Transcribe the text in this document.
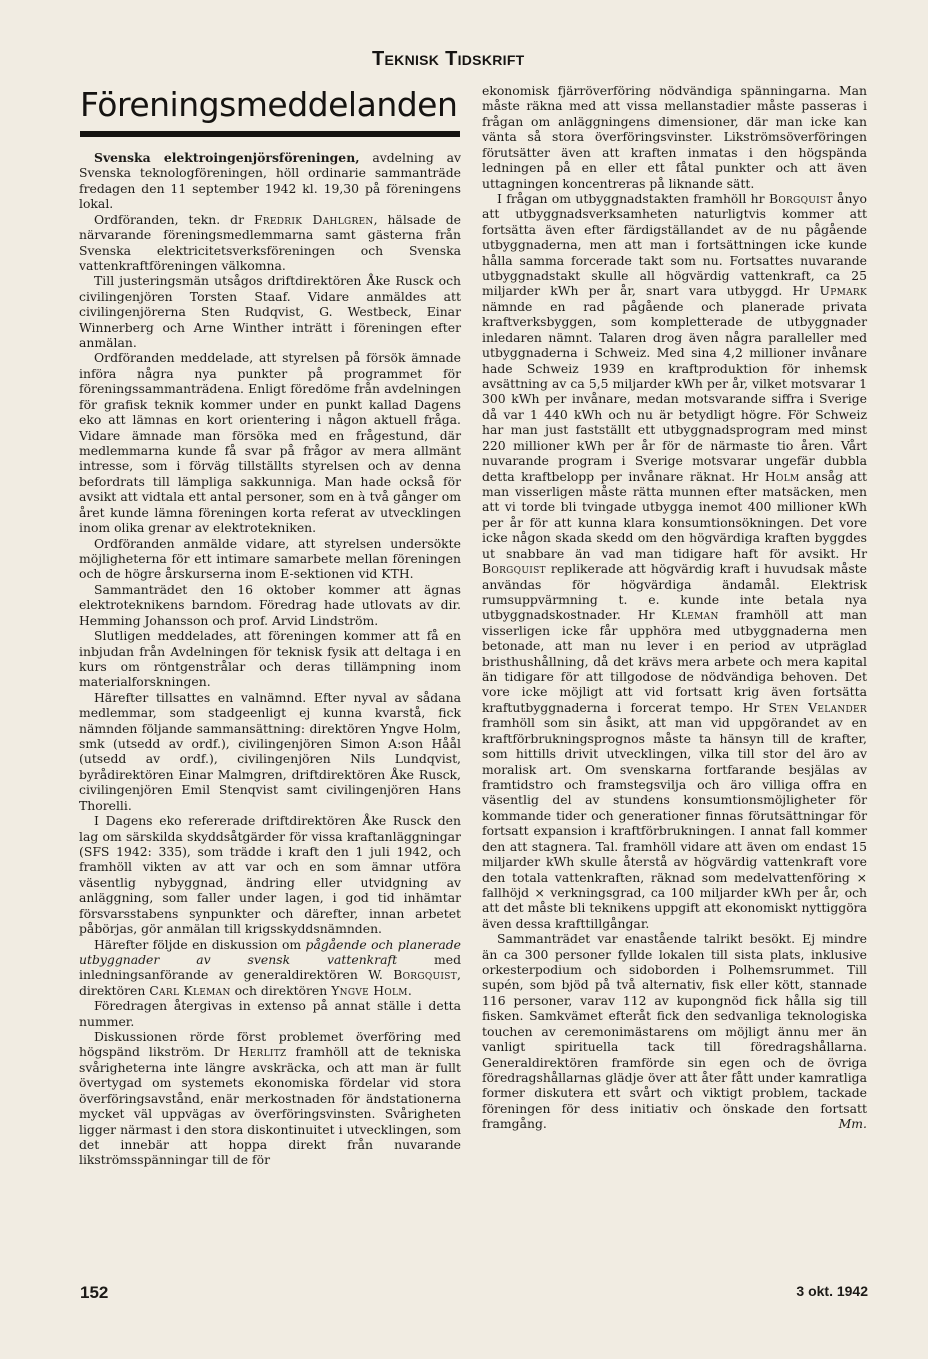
Teknisk Tidskrift
Föreningsmeddelanden

Svenska elektroingenjörsföreningen, avdelning av Svenska teknologföreningen, höll ordinarie sammanträde fredagen den 11 september 1942 kl. 19,30 på föreningens lokal.

Ordföranden, tekn. dr Fredrik Dahlgren, hälsade de närvarande föreningsmedlemmarna samt gästerna från Svenska elektricitetsverksföreningen och Svenska vattenkraftföreningen välkomna.

Till justeringsmän utsågos driftdirektören Åke Rusck och civilingenjören Torsten Staaf. Vidare anmäldes att civilingenjörerna Sten Rudqvist, G. Westbeck, Einar Winnerberg och Arne Winther inträtt i föreningen efter anmälan.

Ordföranden meddelade, att styrelsen på försök ämnade införa några nya punkter på programmet för föreningssammanträdena. Enligt föredöme från avdelningen för grafisk teknik kommer under en punkt kallad Dagens eko att lämnas en kort orientering i någon aktuell fråga. Vidare ämnade man försöka med en frågestund, där medlemmarna kunde få svar på frågor av mera allmänt intresse, som i förväg tillställts styrelsen och av denna befordrats till lämpliga sakkunniga. Man hade också för avsikt att vidtala ett antal personer, som en à två gånger om året kunde lämna föreningen korta referat av utvecklingen inom olika grenar av elektrotekniken.

Ordföranden anmälde vidare, att styrelsen undersökte möjligheterna för ett intimare samarbete mellan föreningen och de högre årskurserna inom E-sektionen vid KTH.

Sammanträdet den 16 oktober kommer att ägnas elektroteknikens barndom. Föredrag hade utlovats av dir. Hemming Johansson och prof. Arvid Lindström.

Slutligen meddelades, att föreningen kommer att få en inbjudan från Avdelningen för teknisk fysik att deltaga i en kurs om röntgenstrålar och deras tillämpning inom materialforskningen.

Härefter tillsattes en valnämnd. Efter nyval av sådana medlemmar, som stadgeenligt ej kunna kvarstå, fick nämnden följande sammansättning: direktören Yngve Holm, smk (utsedd av ordf.), civilingenjören Simon A:son Håål (utsedd av ordf.), civilingenjören Nils Lundqvist, byrådirektören Einar Malmgren, driftdirektören Åke Rusck, civilingenjören Emil Stenqvist samt civilingenjören Hans Thorelli.

I Dagens eko refererade driftdirektören Åke Rusck den lag om särskilda skyddsåtgärder för vissa kraftanläggningar (SFS 1942: 335), som trädde i kraft den 1 juli 1942, och framhöll vikten av att var och en som ämnar utföra väsentlig nybyggnad, ändring eller utvidgning av anläggning, som faller under lagen, i god tid inhämtar försvarsstabens synpunkter och därefter, innan arbetet påbörjas, gör anmälan till krigsskyddsnämnden.

Härefter följde en diskussion om pågående och planerade utbyggnader av svensk vattenkraft med inledningsanförande av generaldirektören W. Borgquist, direktören Carl Kleman och direktören Yngve Holm.

Föredragen återgivas in extenso på annat ställe i detta nummer.

Diskussionen rörde först problemet överföring med högspänd likström. Dr Herlitz framhöll att de tekniska svårigheterna inte längre avskräcka, och att man är fullt övertygad om systemets ekonomiska fördelar vid stora överföringsavstånd, enär merkostnaden för ändstationerna mycket väl uppvägas av överföringsvinsten. Svårigheten ligger närmast i den stora diskontinuitet i utvecklingen, som det innebär att hoppa direkt från nuvarande likströmsspänningar till de för

ekonomisk fjärröverföring nödvändiga spänningarna. Man måste räkna med att vissa mellanstadier måste passeras i frågan om anläggningens dimensioner, där man icke kan vänta så stora överföringsvinster. Likströmsöverföringen förutsätter även att kraften inmatas i den högspända ledningen på en eller ett fåtal punkter och att även uttagningen koncentreras på liknande sätt.

I frågan om utbyggnadstakten framhöll hr Borgquist ånyo att utbyggnadsverksamheten naturligtvis kommer att fortsätta även efter färdigställandet av de nu pågående utbyggnaderna, men att man i fortsättningen icke kunde hålla samma forcerade takt som nu. Fortsattes nuvarande utbyggnadstakt skulle all högvärdig vattenkraft, ca 25 miljarder kWh per år, snart vara utbyggd. Hr Upmark nämnde en rad pågående och planerade privata kraftverksbyggen, som kompletterade de utbyggnader inledaren nämnt. Talaren drog även några paralleller med utbyggnaderna i Schweiz. Med sina 4,2 millioner invånare hade Schweiz 1939 en kraftproduktion för inhemsk avsättning av ca 5,5 miljarder kWh per år, vilket motsvarar 1 300 kWh per invånare, medan motsvarande siffra i Sverige då var 1 440 kWh och nu är betydligt högre. För Schweiz har man just fastställt ett utbyggnadsprogram med minst 220 millioner kWh per år för de närmaste tio åren. Vårt nuvarande program i Sverige motsvarar ungefär dubbla detta kraftbelopp per invånare räknat. Hr Holm ansåg att man visserligen måste rätta munnen efter matsäcken, men att vi torde bli tvingade utbygga inemot 400 millioner kWh per år för att kunna klara konsumtionsökningen. Det vore icke någon skada skedd om den högvärdiga kraften byggdes ut snabbare än vad man tidigare haft för avsikt. Hr Borgquist replikerade att högvärdig kraft i huvudsak måste användas för högvärdiga ändamål. Elektrisk rumsuppvärmning t. e. kunde inte betala nya utbyggnadskostnader. Hr Kleman framhöll att man visserligen icke får upphöra med utbyggnaderna men betonade, att man nu lever i en period av utpräglad bristhushållning, då det krävs mera arbete och mera kapital än tidigare för att tillgodose de nödvändiga behoven. Det vore icke möjligt att vid fortsatt krig även fortsätta kraftutbyggnaderna i forcerat tempo. Hr Sten Velander framhöll som sin åsikt, att man vid uppgörandet av en kraftförbrukningsprognos måste ta hänsyn till de krafter, som hittills drivit utvecklingen, vilka till stor del äro av moralisk art. Om svenskarna fortfarande besjälas av framtidstro och framstegsvilja och äro villiga offra en väsentlig del av stundens konsumtionsmöjligheter för kommande tider och generationer finnas förutsättningar för fortsatt expansion i kraftförbrukningen. I annat fall kommer den att stagnera. Tal. framhöll vidare att även om endast 15 miljarder kWh skulle återstå av högvärdig vattenkraft vore den totala vattenkraften, räknad som medelvattenföring × fallhöjd × verkningsgrad, ca 100 miljarder kWh per år, och att det måste bli teknikens uppgift att ekonomiskt nyttiggöra även dessa krafttillgångar.

Sammanträdet var enastående talrikt besökt. Ej mindre än ca 300 personer fyllde lokalen till sista plats, inklusive orkesterpodium och sidoborden i Polhemsrummet. Till supén, som bjöd på två alternativ, fisk eller kött, stannade 116 personer, varav 112 av kupongnöd fick hålla sig till fisken. Samkvämet efteråt fick den sedvanliga teknologiska touchen av ceremonimästarens om möjligt ännu mer än vanligt spirituella tack till föredragshållarna. Generaldirektören framförde sin egen och de övriga föredragshållarnas glädje över att åter fått under kamratliga former diskutera ett svårt och viktigt problem, tackade föreningen för dess initiativ och önskade den fortsatt framgång.	Mm.

152	3 okt. 1942
